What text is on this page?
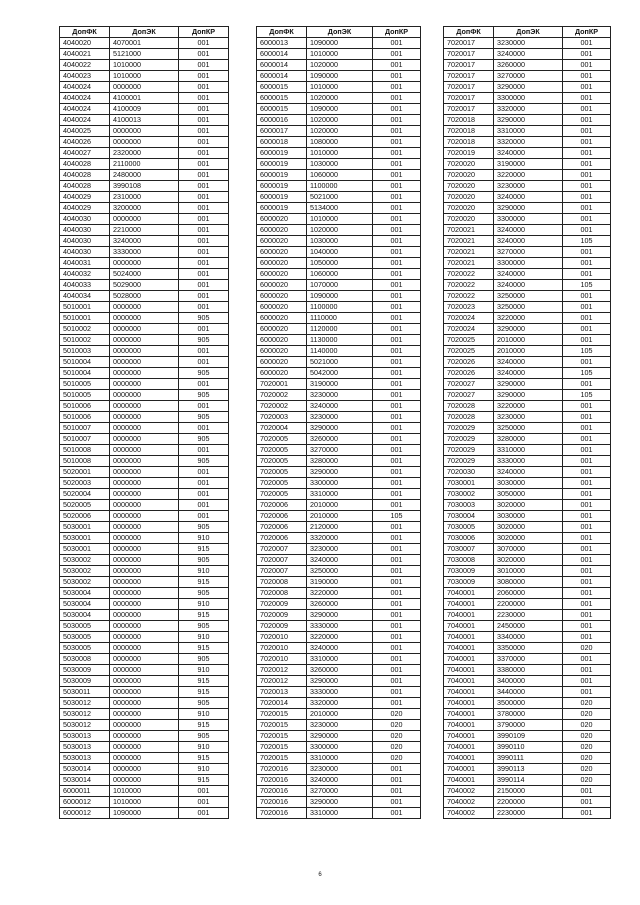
ДопФК	ДопЭК	ДопКР
4040020	4070001	001
4040021	5121000	001
4040022	1010000	001
4040023	1010000	001
4040024	0000000	001
4040024	4100001	001
4040024	4100009	001
4040024	4100013	001
4040025	0000000	001
4040026	0000000	001
4040027	2320000	001
4040028	2110000	001
4040028	2480000	001
4040028	3990108	001
4040029	2310000	001
4040029	3200000	001
4040030	0000000	001
4040030	2210000	001
4040030	3240000	001
4040030	3330000	001
4040031	0000000	001
4040032	5024000	001
4040033	5029000	001
4040034	5028000	001
5010001	0000000	001
5010001	0000000	905
5010002	0000000	001
5010002	0000000	905
5010003	0000000	001
5010004	0000000	001
5010004	0000000	905
5010005	0000000	001
5010005	0000000	905
5010006	0000000	001
5010006	0000000	905
5010007	0000000	001
5010007	0000000	905
5010008	0000000	001
5010008	0000000	905
5020001	0000000	001
5020003	0000000	001
5020004	0000000	001
5020005	0000000	001
5020006	0000000	001
5030001	0000000	905
5030001	0000000	910
5030001	0000000	915
5030002	0000000	905
5030002	0000000	910
5030002	0000000	915
5030004	0000000	905
5030004	0000000	910
5030004	0000000	915
5030005	0000000	905
5030005	0000000	910
5030005	0000000	915
5030008	0000000	905
5030009	0000000	910
5030009	0000000	915
5030011	0000000	915
5030012	0000000	905
5030012	0000000	910
5030012	0000000	915
5030013	0000000	905
5030013	0000000	910
5030013	0000000	915
5030014	0000000	910
5030014	0000000	915
6000011	1010000	001
6000012	1010000	001
6000012	1090000	001
ДопФК	ДопЭК	ДопКР
6000013	1090000	001
6000014	1010000	001
6000014	1020000	001
6000014	1090000	001
6000015	1010000	001
6000015	1020000	001
6000015	1090000	001
6000016	1020000	001
6000017	1020000	001
6000018	1080000	001
6000019	1010000	001
6000019	1030000	001
6000019	1060000	001
6000019	1100000	001
6000019	5021000	001
6000019	5134000	001
6000020	1010000	001
6000020	1020000	001
6000020	1030000	001
6000020	1040000	001
6000020	1050000	001
6000020	1060000	001
6000020	1070000	001
6000020	1090000	001
6000020	1100000	001
6000020	1110000	001
6000020	1120000	001
6000020	1130000	001
6000020	1140000	001
6000020	5021000	001
6000020	5042000	001
7020001	3190000	001
7020002	3230000	001
7020002	3240000	001
7020003	3230000	001
7020004	3290000	001
7020005	3260000	001
7020005	3270000	001
7020005	3280000	001
7020005	3290000	001
7020005	3300000	001
7020005	3310000	001
7020006	2010000	001
7020006	2010000	105
7020006	2120000	001
7020006	3320000	001
7020007	3230000	001
7020007	3240000	001
7020007	3250000	001
7020008	3190000	001
7020008	3220000	001
7020009	3260000	001
7020009	3290000	001
7020009	3330000	001
7020010	3220000	001
7020010	3240000	001
7020010	3310000	001
7020012	3260000	001
7020012	3290000	001
7020013	3330000	001
7020014	3320000	001
7020015	2010000	020
7020015	3230000	020
7020015	3290000	020
7020015	3300000	020
7020015	3310000	020
7020016	3230000	001
7020016	3240000	001
7020016	3270000	001
7020016	3290000	001
7020016	3310000	001
ДопФК	ДопЭК	ДопКР
7020017	3230000	001
7020017	3240000	001
7020017	3260000	001
7020017	3270000	001
7020017	3290000	001
7020017	3300000	001
7020017	3320000	001
7020018	3290000	001
7020018	3310000	001
7020018	3320000	001
7020019	3240000	001
7020020	3190000	001
7020020	3220000	001
7020020	3230000	001
7020020	3240000	001
7020020	3290000	001
7020020	3300000	001
7020021	3240000	001
7020021	3240000	105
7020021	3270000	001
7020021	3300000	001
7020022	3240000	001
7020022	3240000	105
7020022	3250000	001
7020023	3250000	001
7020024	3220000	001
7020024	3290000	001
7020025	2010000	001
7020025	2010000	105
7020026	3240000	001
7020026	3240000	105
7020027	3290000	001
7020027	3290000	105
7020028	3220000	001
7020028	3230000	001
7020029	3250000	001
7020029	3280000	001
7020029	3310000	001
7020029	3330000	001
7020030	3240000	001
7030001	3030000	001
7030002	3050000	001
7030003	3020000	001
7030004	3030000	001
7030005	3020000	001
7030006	3020000	001
7030007	3070000	001
7030008	3020000	001
7030009	3010000	001
7030009	3080000	001
7040001	2060000	001
7040001	2200000	001
7040001	2230000	001
7040001	2450000	001
7040001	3340000	001
7040001	3350000	020
7040001	3370000	001
7040001	3380000	001
7040001	3400000	001
7040001	3440000	001
7040001	3500000	020
7040001	3780000	020
7040001	3790000	020
7040001	3990109	020
7040001	3990110	020
7040001	3990111	020
7040001	3990113	020
7040001	3990114	020
7040002	2150000	001
7040002	2200000	001
7040002	2230000	001
6
